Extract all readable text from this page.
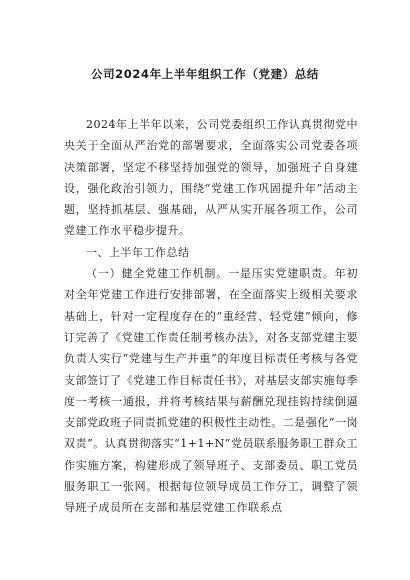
公司2024年上半年组织工作（党建）总结

2024年上半年以来，公司党委组织工作认真贯彻党中央关于全面从严治党的部署要求，全面落实公司党委各项决策部署，坚定不移坚持加强党的领导，加强班子自身建设，强化政治引领力，围绕“党建工作巩固提升年”活动主题，坚持抓基层、强基础，从严从实开展各项工作，公司党建工作水平稳步提升。

一、上半年工作总结

（一）健全党建工作机制。一是压实党建职责。年初对全年党建工作进行安排部署，在全面落实上级相关要求基础上，针对一定程度存在的“重经营、轻党建”倾向，修订完善了《党建工作责任制考核办法》，对各支部党建主要负责人实行“党建与生产并重”的年度目标责任考核与各党支部签订了《党建工作目标责任书》，对基层支部实施每季度一考核一通报，并将考核结果与薪酬兑现挂钩持续倒逼支部党政班子同责抓党建的积极性主动性。二是强化“一岗双责”。认真贯彻落实“1+1+N”党员联系服务职工群众工作实施方案，构建形成了领导班子、支部委员、职工党员服务职工一张网。根据每位领导成员工作分工，调整了领导班子成员所在支部和基层党建工作联系点
